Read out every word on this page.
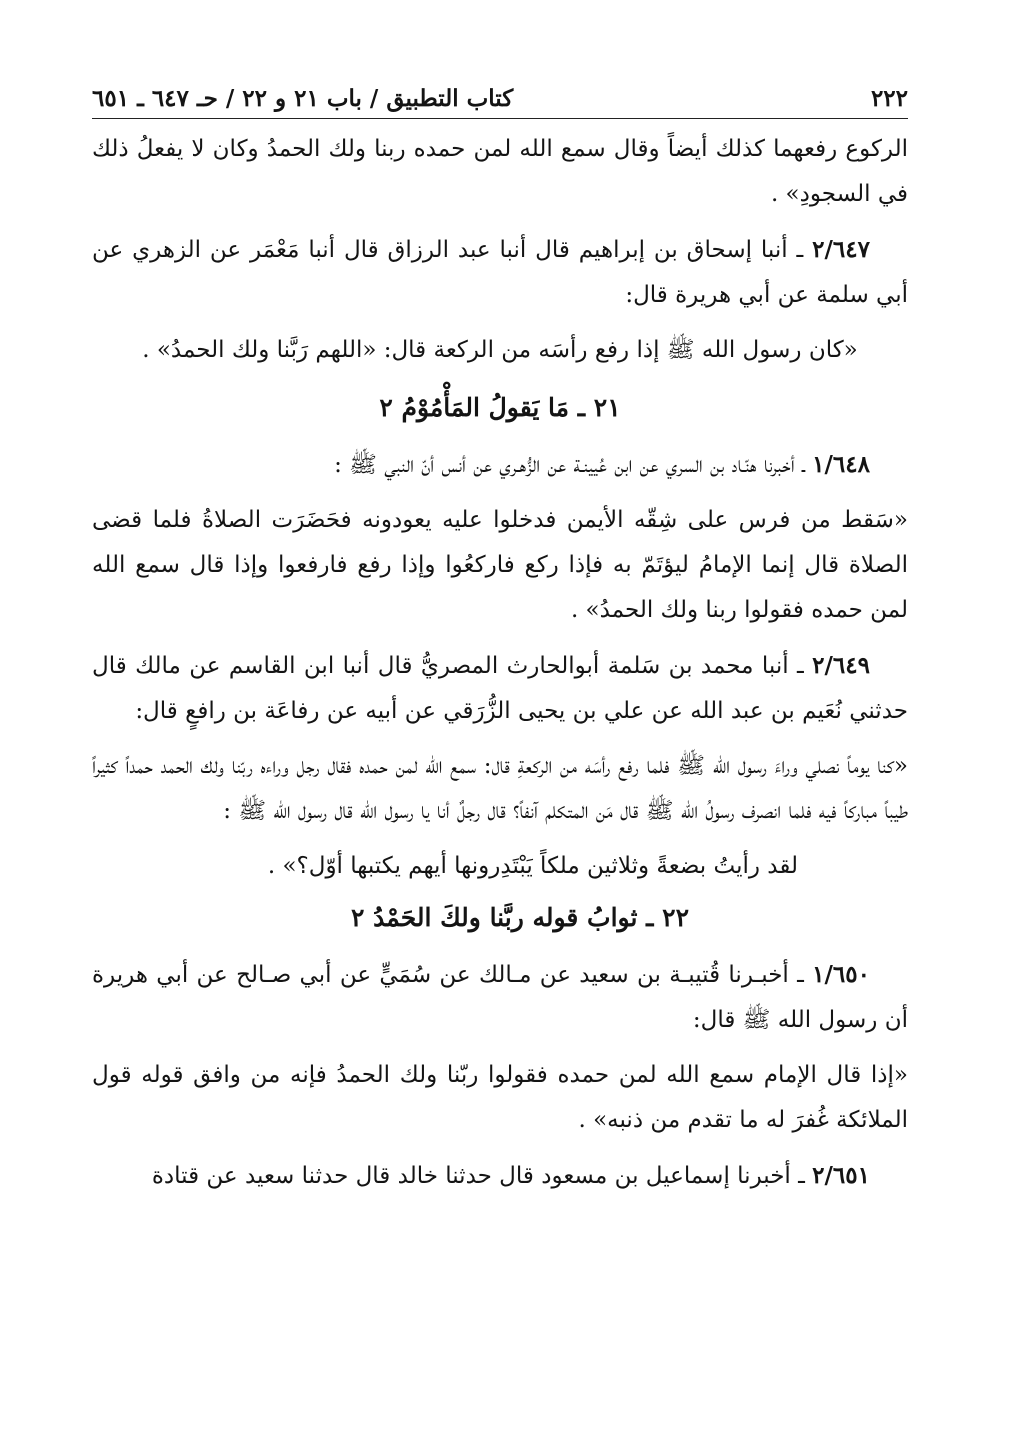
٢٢٢
كتاب التطبيق / باب ٢١ و ٢٢ / حـ ٦٤٧ ـ ٦٥١

الركوع رفعهما كذلك أيضاً وقال سمع الله لمن حمده ربنا ولك الحمدُ وكان لا يفعلُ ذلك في السجودِ» .

٢/٦٤٧ ـ أنبا إسحاق بن إبراهيم قال أنبا عبد الرزاق قال أنبا مَعْمَر عن الزهري عن أبي سلمة عن أبي هريرة قال:

«كان رسول الله ﷺ إذا رفع رأسَه من الركعة قال: «اللهم رَبَّنا ولك الحمدُ» .

٢١ ـ مَا يَقولُ المَأْمُوْمُ ٢

١/٦٤٨ ـ أخبرنا هنّـاد بن السري عن ابن عُيينـة عن الزُّهـري عن أنس أنّ النبي ﷺ :

«سَقط من فرس على شِقّه الأيمن فدخلوا عليه يعودونه فحَضَرَت الصلاةُ فلما قضى الصلاة قال إنما الإمامُ ليؤتَمّ به فإذا ركع فاركعُوا وإذا رفع فارفعوا وإذا قال سمع الله لمن حمده فقولوا ربنا ولك الحمدُ» .

٢/٦٤٩ ـ أنبا محمد بن سَلمة أبوالحارث المصريُّ قال أنبا ابن القاسم عن مالك قال حدثني نُعَيم بن عبد الله عن علي بن يحيى الزُّرَقي عن أبيه عن رفاعَة بن رافعٍ قال:

«كنا يوماً نصلي وراءَ رسول الله ﷺ فلما رفع رأسَه من الركعةِ قال: سمع الله لمن حمده فقال رجل وراءه ربّنا ولك الحمد حمداً كثيراً طيباً مباركاً فيه فلما انصرف رسولُ الله ﷺ قال مَن المتكلم آنفاً؟ قال رجلٌ أنا يا رسول الله قال رسول الله ﷺ :

لقد رأيتُ بضعةً وثلاثين ملكاً يَبْتَدِرونها أيهم يكتبها أوّل؟» .

٢٢ ـ ثوابُ قوله ربَّنا ولكَ الحَمْدُ ٢

١/٦٥٠ ـ أخبـرنا قُتيبـة بن سعيد عن مـالك عن سُمَيٍّ عن أبي صـالح عن أبي هريرة أن رسول الله ﷺ قال:

«إذا قال الإمام سمع الله لمن حمده فقولوا ربّنا ولك الحمدُ فإنه من وافق قوله قول الملائكة غُفرَ له ما تقدم من ذنبه» .

٢/٦٥١ ـ أخبرنا إسماعيل بن مسعود قال حدثنا خالد قال حدثنا سعيد عن قتادة
